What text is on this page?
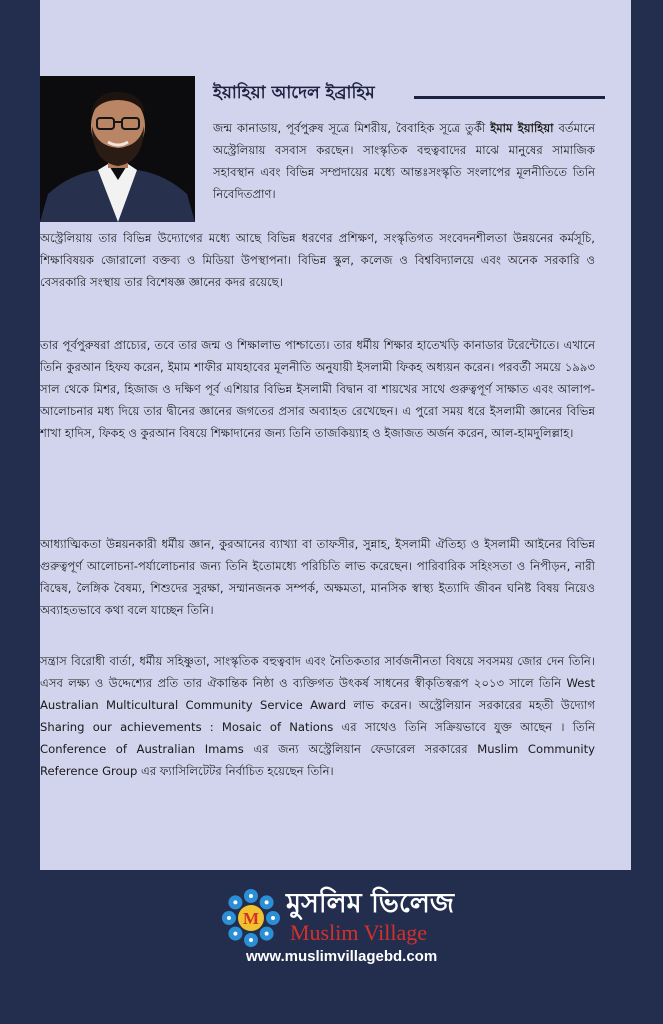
ইয়াহিয়া আদেল ইব্রাহিম

জন্ম কানাডায়, পূর্বপুরুষ সূত্রে মিশরীয়, বৈবাহিক সূত্রে তুর্কী ইমাম ইয়াহিয়া বর্তমানে অস্ট্রেলিয়ায় বসবাস করছেন। সাংস্কৃতিক বহুত্ববাদের মাঝে মানুষের সামাজিক সহাবস্থান এবং বিভিন্ন সম্প্রদায়ের মধ্যে আন্তঃসংস্কৃতি সংলাপের মূলনীতিতে তিনি নিবেদিতপ্রাণ।

অস্ট্রেলিয়ায় তার বিভিন্ন উদ্যোগের মধ্যে আছে বিভিন্ন ধরণের প্রশিক্ষণ, সংস্কৃতিগত সংবেদনশীলতা উন্নয়নের কর্মসূচি, শিক্ষাবিষয়ক জোরালো বক্তব্য ও মিডিয়া উপস্থাপনা। বিভিন্ন স্কুল, কলেজ ও বিশ্ববিদ্যালয়ে এবং অনেক সরকারি ও বেসরকারি সংস্থায় তার বিশেষজ্ঞ জ্ঞানের কদর রয়েছে।

তার পূর্বপুরুষরা প্রাচ্যের, তবে তার জন্ম ও শিক্ষালাভ পাশ্চাত্যে। তার ধর্মীয় শিক্ষার হাতেখড়ি কানাডার টরেন্টোতে। এখানে তিনি কুরআন হিফয করেন, ইমাম শাফীর মাযহাবের মূলনীতি অনুযায়ী ইসলামী ফিকহ অধ্যয়ন করেন। পরবর্তী সময়ে ১৯৯৩ সাল থেকে মিশর, হিজাজ ও দক্ষিণ পূর্ব এশিয়ার বিভিন্ন ইসলামী বিদ্বান বা শায়খের সাথে গুরুত্বপূর্ণ সাক্ষাত এবং আলাপ-আলোচনার মধ্য দিয়ে তার দ্বীনের জ্ঞানের জগতের প্রসার অব্যাহত রেখেছেন। এ পুরো সময় ধরে ইসলামী জ্ঞানের বিভিন্ন শাখা হাদিস, ফিকহ ও কুরআন বিষয়ে শিক্ষাদানের জন্য তিনি তাজকিয়্যাহ ও ইজাজত অর্জন করেন, আল-হামদুলিল্লাহ।

আধ্যাত্মিকতা উন্নয়নকারী ধর্মীয় জ্ঞান, কুরআনের ব্যাখ্যা বা তাফসীর, সুন্নাহ, ইসলামী ঐতিহ্য ও ইসলামী আইনের বিভিন্ন গুরুত্বপূর্ণ আলোচনা-পর্যালোচনার জন্য তিনি ইতোমধ্যে পরিচিতি লাভ করেছেন। পারিবারিক সহিংসতা ও নিপীড়ন, নারী বিদ্বেষ, লৈঙ্গিক বৈষম্য, শিশুদের সুরক্ষা, সম্মানজনক সম্পর্ক, অক্ষমতা, মানসিক স্বাস্থ্য ইত্যাদি জীবন ঘনিষ্ট বিষয় নিয়েও অব্যাহতভাবে কথা বলে যাচ্ছেন তিনি।

সন্ত্রাস বিরোধী বার্তা, ধর্মীয় সহিষ্ণুতা, সাংস্কৃতিক বহুত্ববাদ এবং নৈতিকতার সার্বজনীনতা বিষয়ে সবসময় জোর দেন তিনি। এসব লক্ষ্য ও উদ্দেশ্যের প্রতি তার ঐকান্তিক নিষ্ঠা ও ব্যক্তিগত উৎকর্ষ সাধনের স্বীকৃতিস্বরূপ ২০১৩ সালে তিনি West Australian Multicultural Community Service Award লাভ করেন। অস্ট্রেলিয়ান সরকারের মহতী উদ্যোগ Sharing our achievements : Mosaic of Nations এর সাথেও তিনি সক্রিয়ভাবে যুক্ত আছেন । তিনি Conference of Australian Imams এর জন্য অস্ট্রেলিয়ান ফেডারেল সরকারের Muslim Community Reference Group এর ফ্যাসিলিটেটর নির্বাচিত হয়েছেন তিনি।

M মুসলিম ভিলেজ

Muslim Village

www.muslimvillagebd.com
